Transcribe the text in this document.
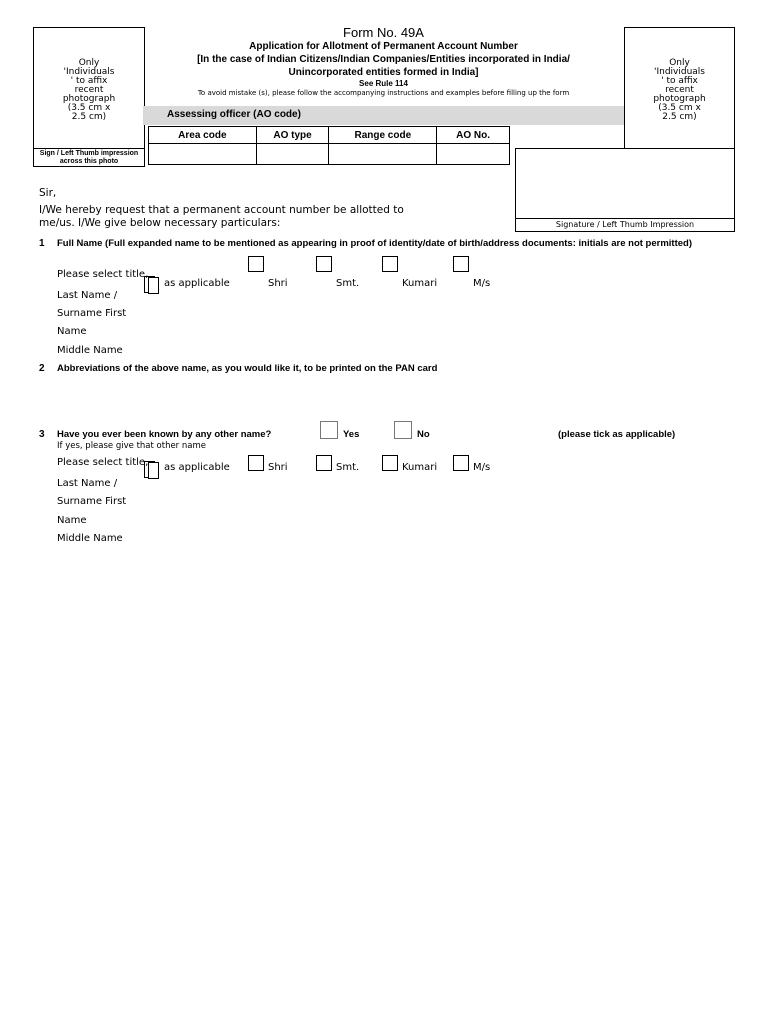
Only
'Individuals
' to affix
recent
photograph
(3.5 cm x
2.5 cm)
Sign / Left Thumb impression across this photo
Only
'Individuals
' to affix
recent
photograph
(3.5 cm x
2.5 cm)
Signature / Left Thumb Impression
Form No. 49A
Application for Allotment of Permanent Account Number
[In the case of Indian Citizens/Indian Companies/Entities incorporated in India/
Unincorporated entities formed in India]
See Rule 114
To avoid mistake (s), please follow the accompanying instructions and examples before filling up the form
Assessing officer (AO code)
Area code	AO type	Range code	AO No.

Sir,
I/We hereby request that a permanent account number be allotted to
me/us. I/We give below necessary particulars:
1 Full Name (Full expanded name to be mentioned as appearing in proof of identity/date of birth/address documents: initials are not permitted)
Please select title,
as applicable	Shri	Smt.	Kumari	M/s
Last Name /
Surname First
Name
Middle Name
2 Abbreviations of the above name, as you would like it, to be printed on the PAN card
3 Have you ever been known by any other name?	Yes	No	(please tick as applicable)
If yes, please give that other name
Please select title, as applicable	Shri	Smt.	Kumari	M/s
Last Name /
Surname First
Name
Middle Name
